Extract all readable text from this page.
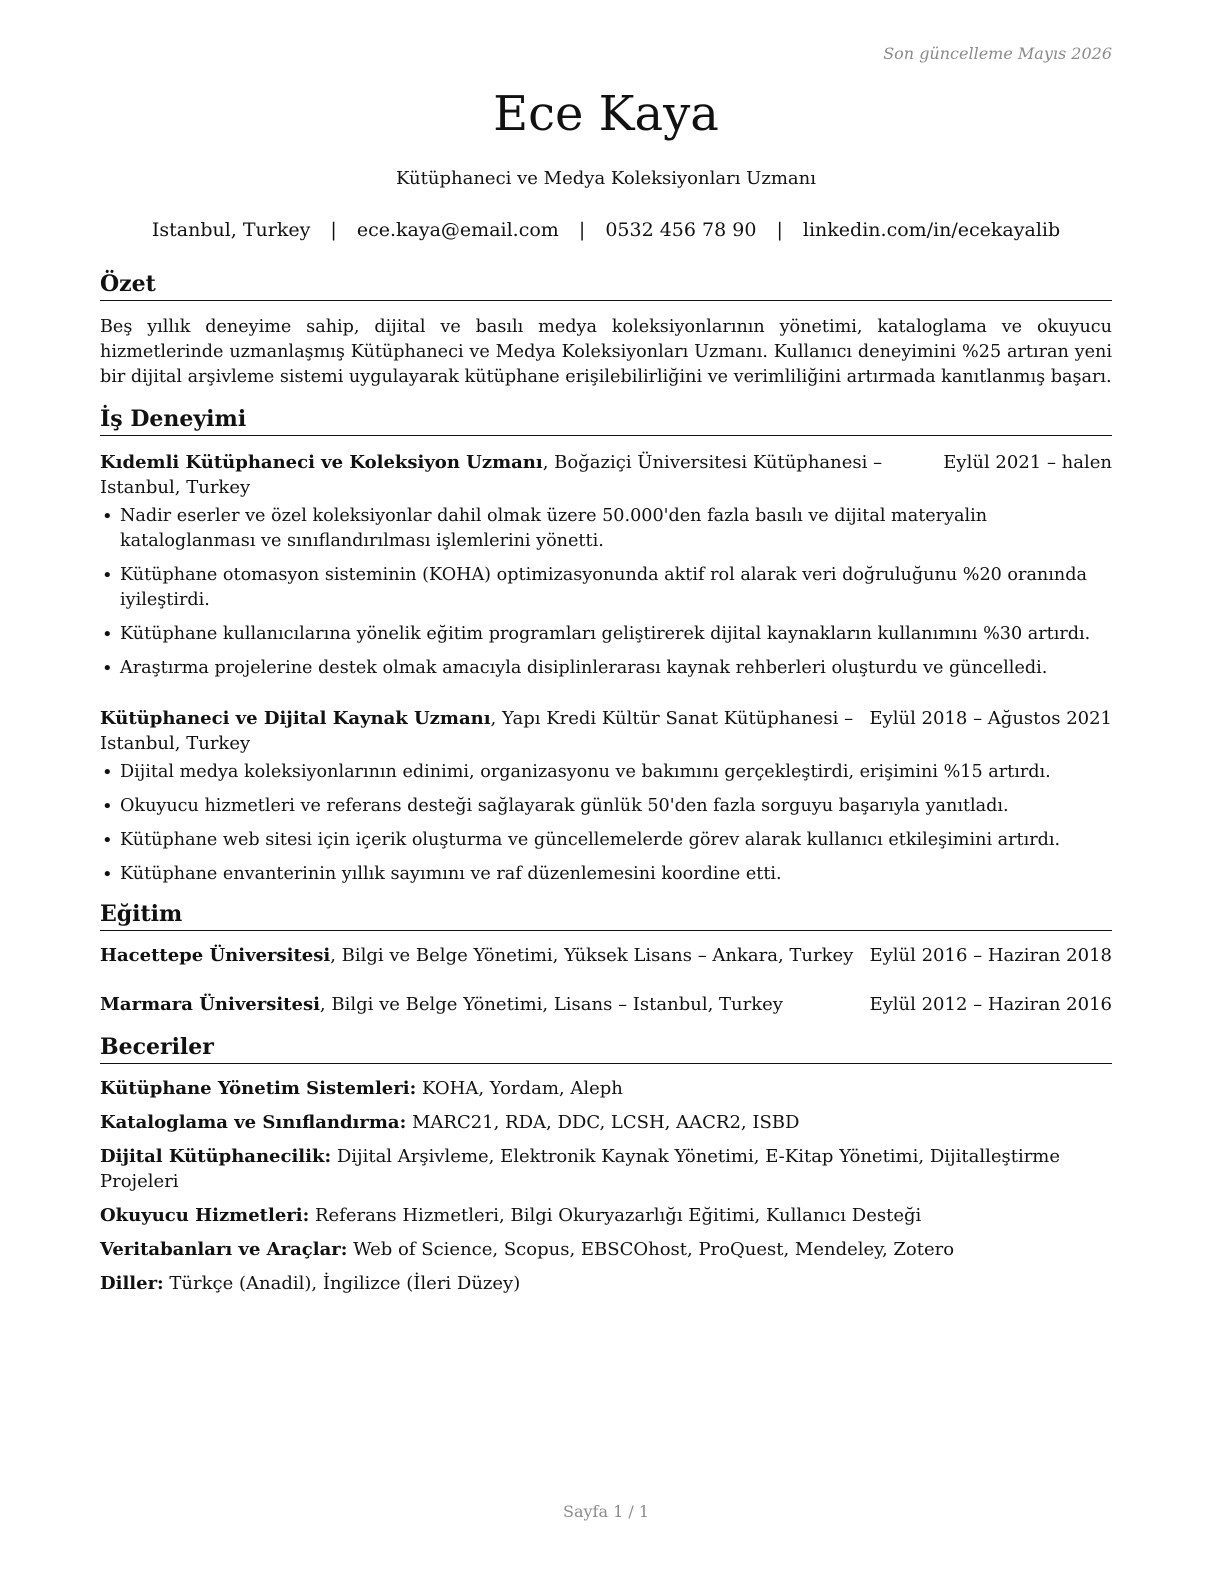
Son güncelleme Mayıs 2026
Ece Kaya
Kütüphaneci ve Medya Koleksiyonları Uzmanı
Istanbul, Turkey | ece.kaya@email.com | 0532 456 78 90 | linkedin.com/in/ecekayalib
Özet
Beş yıllık deneyime sahip, dijital ve basılı medya koleksiyonlarının yönetimi, kataloglama ve okuyucu hizmetlerinde uzmanlaşmış Kütüphaneci ve Medya Koleksiyonları Uzmanı. Kullanıcı deneyimini %25 artıran yeni bir dijital arşivleme sistemi uygulayarak kütüphane erişilebilirliğini ve verimliliğini artırmada kanıtlanmış başarı.
İş Deneyimi
Kıdemli Kütüphaneci ve Koleksiyon Uzmanı, Boğaziçi Üniversitesi Kütüphanesi – Istanbul, Turkey
Eylül 2021 – halen
• Nadir eserler ve özel koleksiyonlar dahil olmak üzere 50.000'den fazla basılı ve dijital materyalin kataloglanması ve sınıflandırılması işlemlerini yönetti.
• Kütüphane otomasyon sisteminin (KOHA) optimizasyonunda aktif rol alarak veri doğruluğunu %20 oranında iyileştirdi.
• Kütüphane kullanıcılarına yönelik eğitim programları geliştirerek dijital kaynakların kullanımını %30 artırdı.
• Araştırma projelerine destek olmak amacıyla disiplinlerarası kaynak rehberleri oluşturdu ve güncelledi.
Kütüphaneci ve Dijital Kaynak Uzmanı, Yapı Kredi Kültür Sanat Kütüphanesi – Istanbul, Turkey
Eylül 2018 – Ağustos 2021
• Dijital medya koleksiyonlarının edinimi, organizasyonu ve bakımını gerçekleştirdi, erişimini %15 artırdı.
• Okuyucu hizmetleri ve referans desteği sağlayarak günlük 50'den fazla sorguyu başarıyla yanıtladı.
• Kütüphane web sitesi için içerik oluşturma ve güncellemelerde görev alarak kullanıcı etkileşimini artırdı.
• Kütüphane envanterinin yıllık sayımını ve raf düzenlemesini koordine etti.
Eğitim
Hacettepe Üniversitesi, Bilgi ve Belge Yönetimi, Yüksek Lisans – Ankara, Turkey Eylül 2016 – Haziran 2018
Marmara Üniversitesi, Bilgi ve Belge Yönetimi, Lisans – Istanbul, Turkey	Eylül 2012 – Haziran 2016
Beceriler
Kütüphane Yönetim Sistemleri: KOHA, Yordam, Aleph
Kataloglama ve Sınıflandırma: MARC21, RDA, DDC, LCSH, AACR2, ISBD
Dijital Kütüphanecilik: Dijital Arşivleme, Elektronik Kaynak Yönetimi, E-Kitap Yönetimi, Dijitalleştirme Projeleri
Okuyucu Hizmetleri: Referans Hizmetleri, Bilgi Okuryazarlığı Eğitimi, Kullanıcı Desteği
Veritabanları ve Araçlar: Web of Science, Scopus, EBSCOhost, ProQuest, Mendeley, Zotero
Diller: Türkçe (Anadil), İngilizce (İleri Düzey)
Sayfa 1 / 1
